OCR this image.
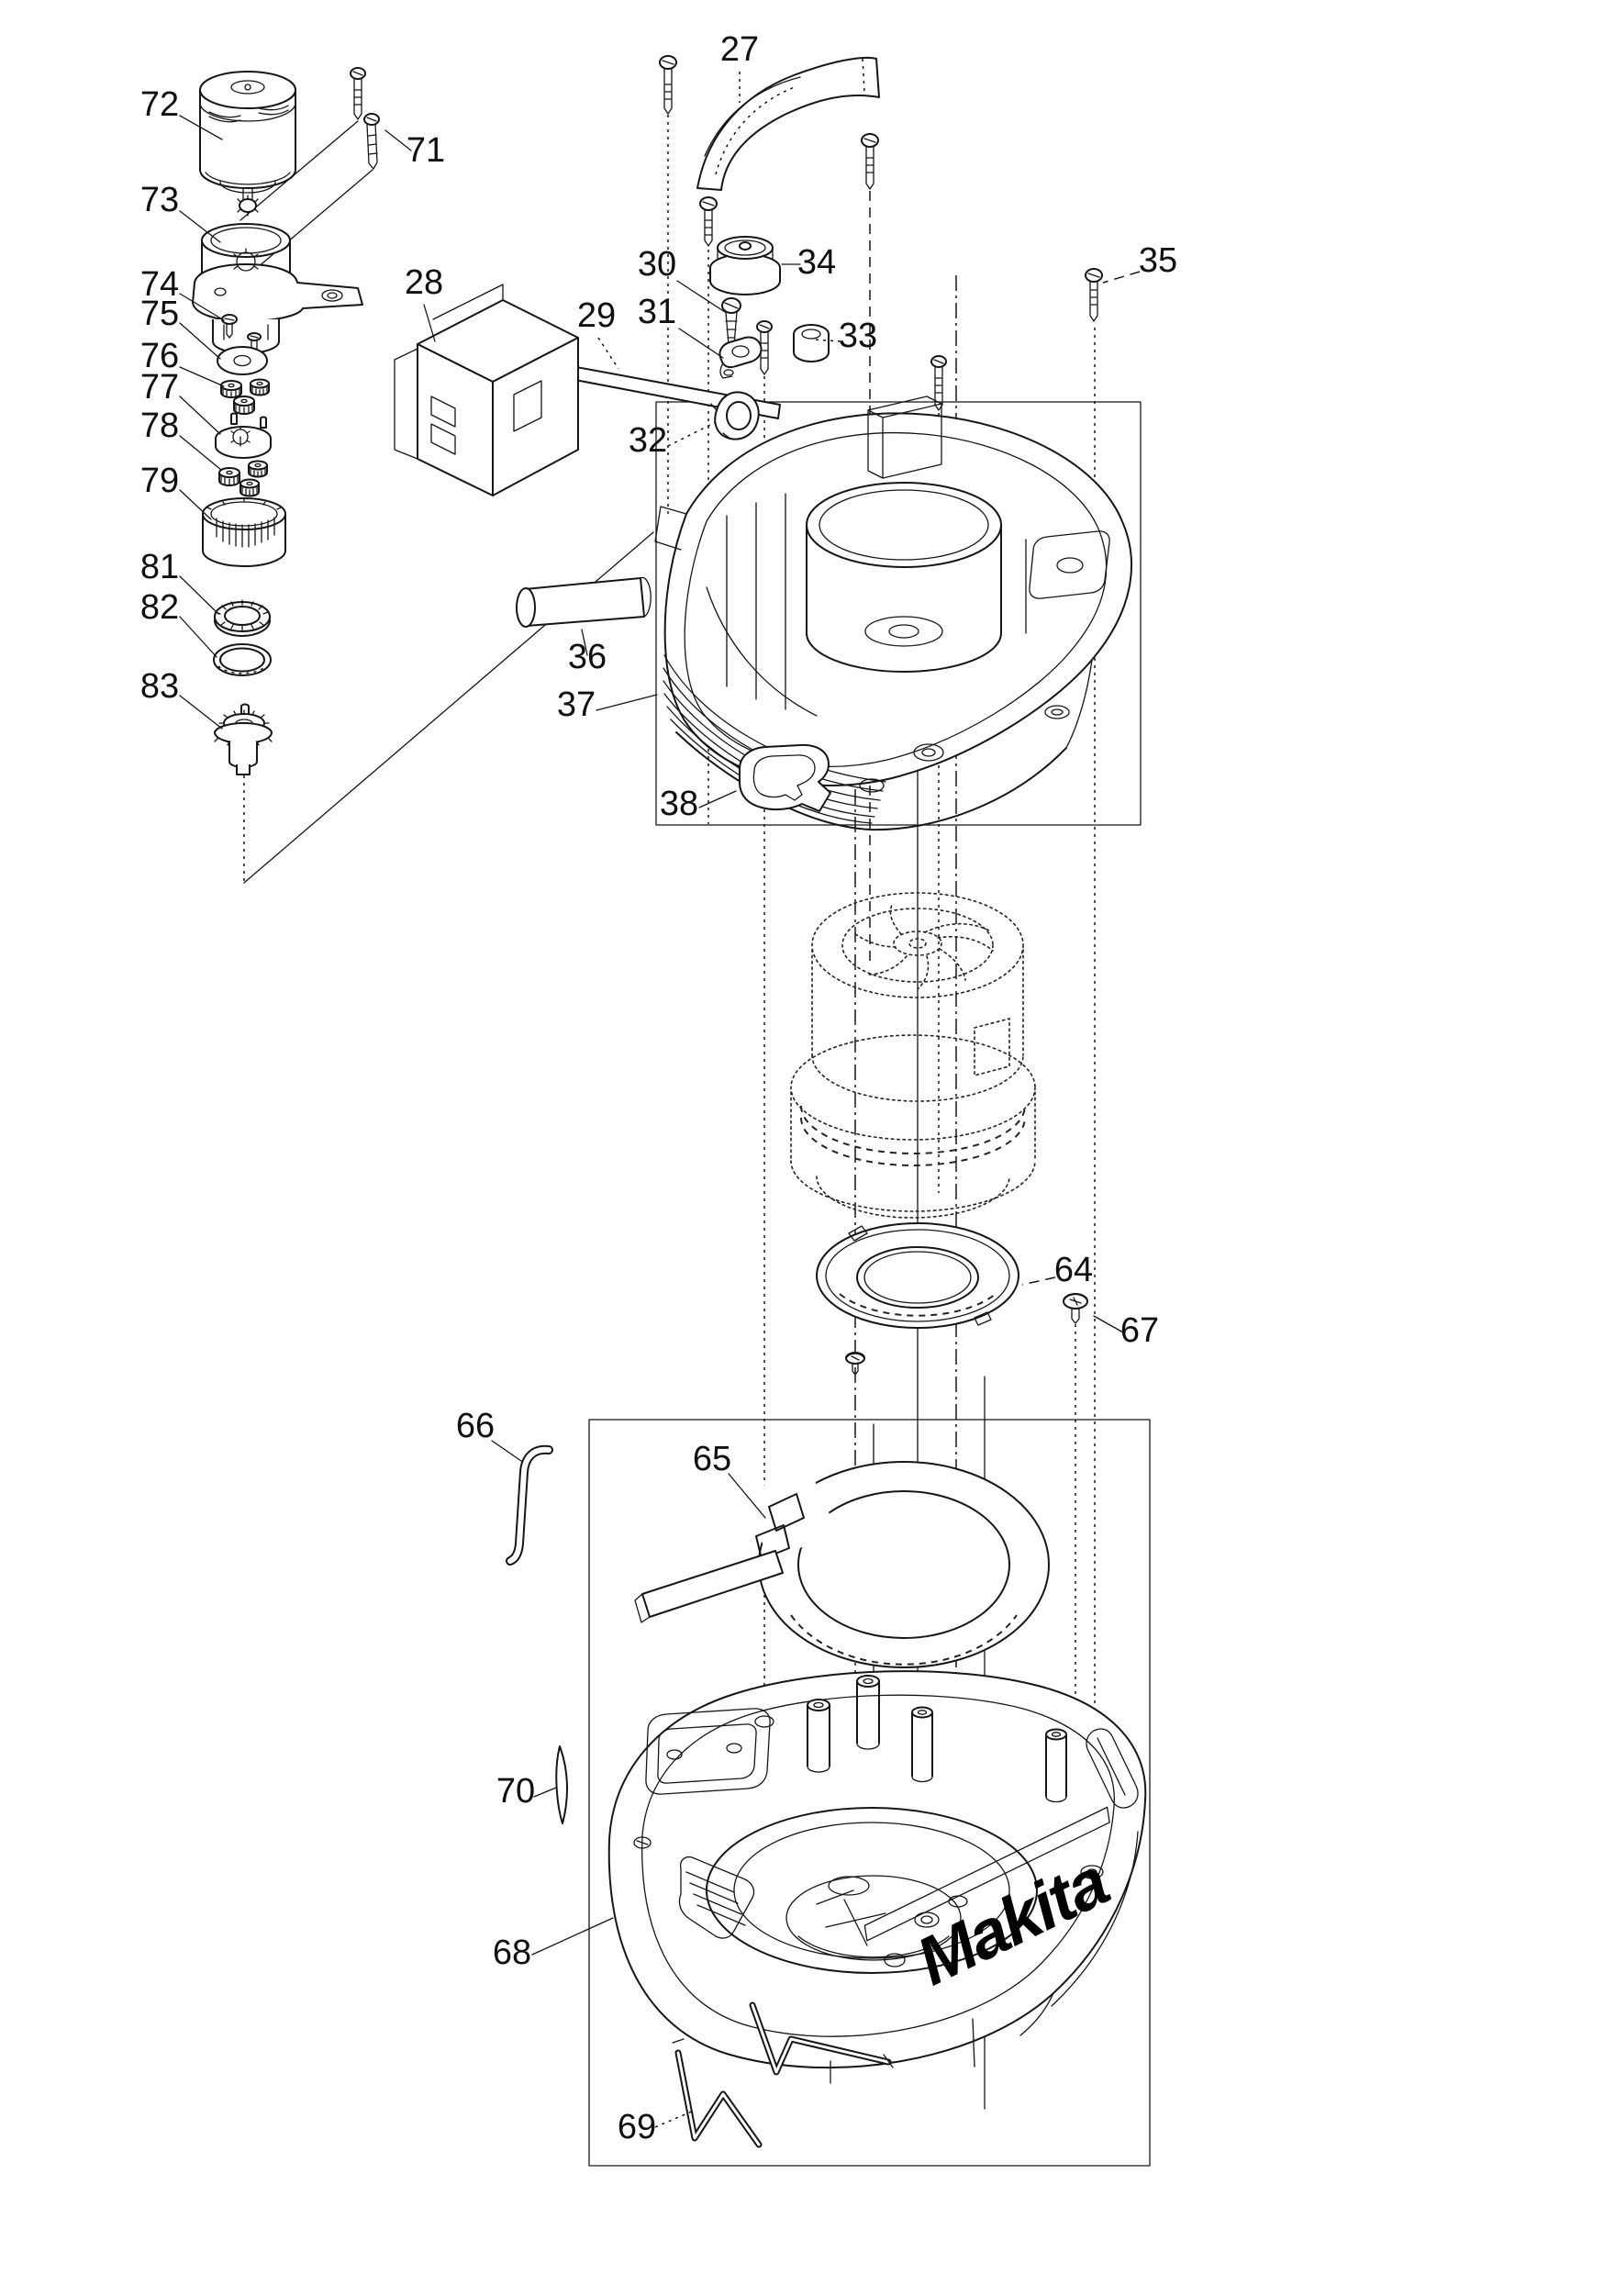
Makita
27
28
29
30
31
32
33
34	35
36
37
38
64
65
66
67
68
69
70
71
72
73
74
75
76
77
78
79
81
82
83
